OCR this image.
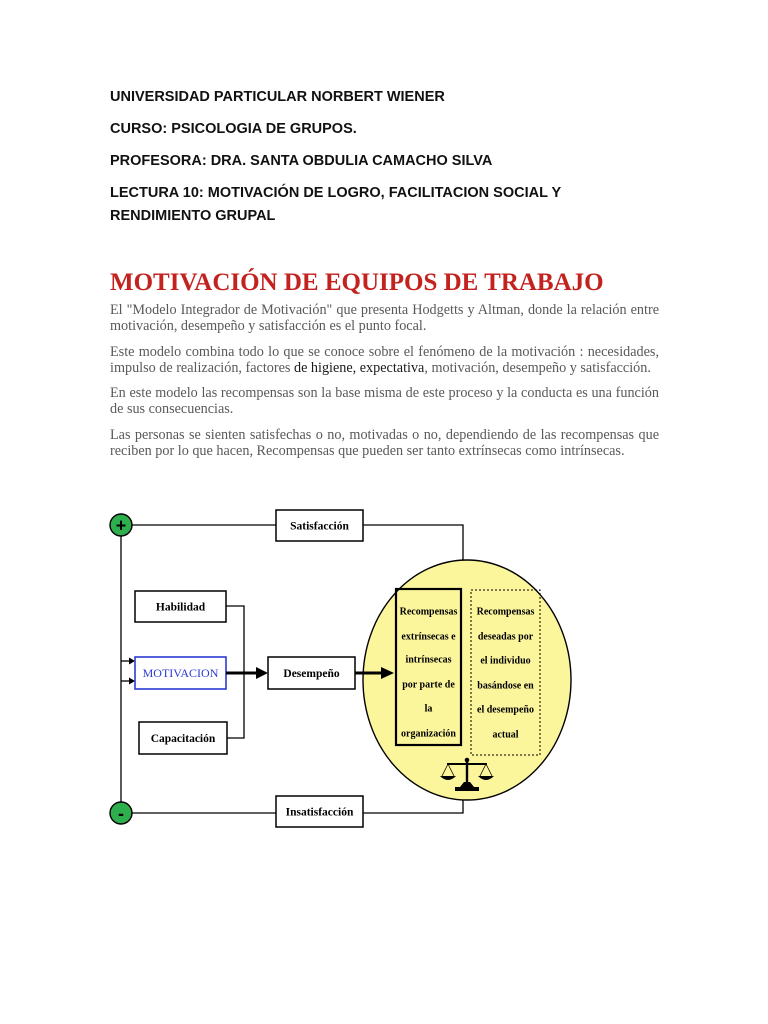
UNIVERSIDAD PARTICULAR NORBERT WIENER
CURSO: PSICOLOGIA DE GRUPOS.
PROFESORA: DRA. SANTA OBDULIA CAMACHO SILVA
LECTURA 10: MOTIVACIÓN DE LOGRO, FACILITACION SOCIAL Y
RENDIMIENTO GRUPAL
MOTIVACIÓN DE EQUIPOS DE TRABAJO

El "Modelo Integrador de Motivación" que presenta Hodgetts y Altman, donde la relación entre motivación, desempeño y satisfacción es el punto focal.

Este modelo combina todo lo que se conoce sobre el fenómeno de la motivación : necesidades, impulso de realización, factores de higiene, expectativa, motivación, desempeño y satisfacción.

En este modelo las recompensas son la base misma de este proceso y la conducta es una función de sus consecuencias.

Las personas se sienten satisfechas o no, motivadas o no, dependiendo de las recompensas que reciben por lo que hacen, Recompensas que pueden ser tanto extrínsecas como intrínsecas.

Satisfacción
Insatisfacción
Habilidad
MOTIVACION
Capacitación
Desempeño
Recompensas
extrínsecas e
intrínsecas
por parte de
la
organización
Recompensas
deseadas por
el individuo
basándose en
el desempeño
actual
+
-
